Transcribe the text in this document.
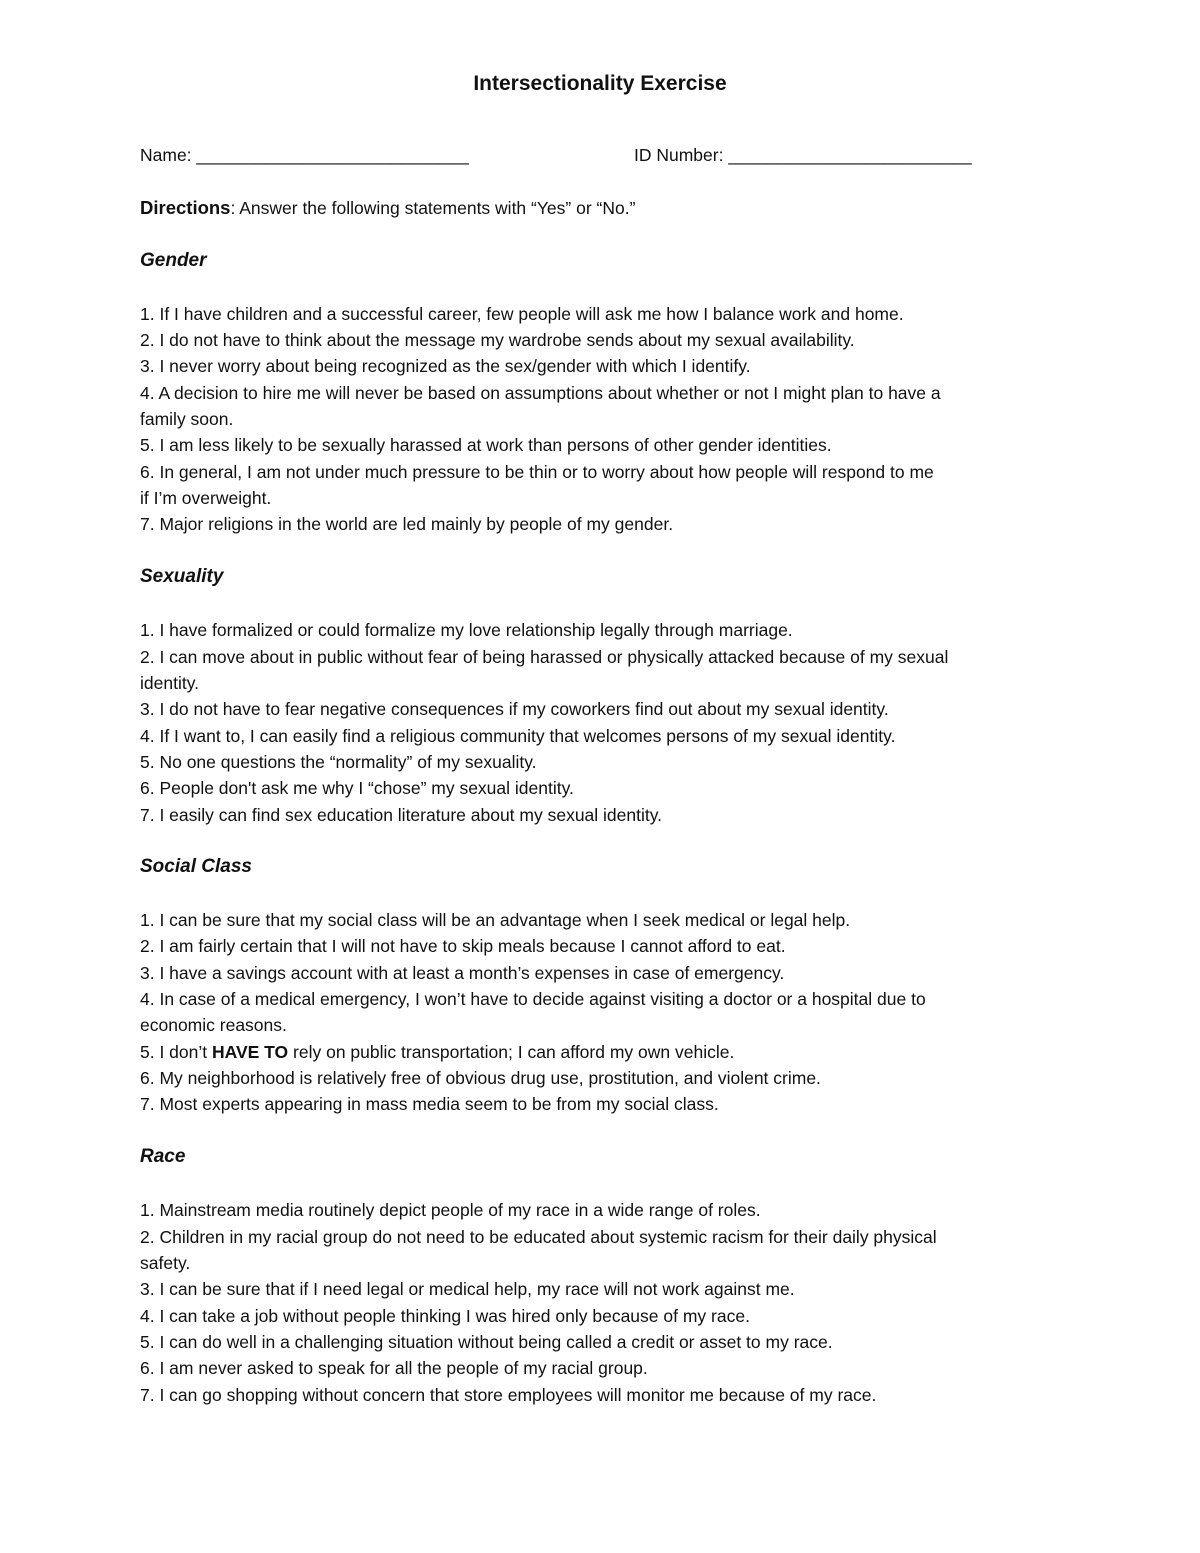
Intersectionality Exercise
Name: ____________________________	ID Number: _________________________
Directions: Answer the following statements with “Yes” or “No.”
Gender
1. If I have children and a successful career, few people will ask me how I balance work and home.
2. I do not have to think about the message my wardrobe sends about my sexual availability.
3. I never worry about being recognized as the sex/gender with which I identify.
4. A decision to hire me will never be based on assumptions about whether or not I might plan to have a
family soon.
5. I am less likely to be sexually harassed at work than persons of other gender identities.
6. In general, I am not under much pressure to be thin or to worry about how people will respond to me
if I’m overweight.
7. Major religions in the world are led mainly by people of my gender.
Sexuality
1. I have formalized or could formalize my love relationship legally through marriage.
2. I can move about in public without fear of being harassed or physically attacked because of my sexual
identity.
3. I do not have to fear negative consequences if my coworkers find out about my sexual identity.
4. If I want to, I can easily find a religious community that welcomes persons of my sexual identity.
5. No one questions the “normality” of my sexuality.
6. People don't ask me why I “chose” my sexual identity.
7. I easily can find sex education literature about my sexual identity.
Social Class
1. I can be sure that my social class will be an advantage when I seek medical or legal help.
2. I am fairly certain that I will not have to skip meals because I cannot afford to eat.
3. I have a savings account with at least a month’s expenses in case of emergency.
4. In case of a medical emergency, I won’t have to decide against visiting a doctor or a hospital due to
economic reasons.
5. I don’t HAVE TO rely on public transportation; I can afford my own vehicle.
6. My neighborhood is relatively free of obvious drug use, prostitution, and violent crime.
7. Most experts appearing in mass media seem to be from my social class.
Race
1. Mainstream media routinely depict people of my race in a wide range of roles.
2. Children in my racial group do not need to be educated about systemic racism for their daily physical
safety.
3. I can be sure that if I need legal or medical help, my race will not work against me.
4. I can take a job without people thinking I was hired only because of my race.
5. I can do well in a challenging situation without being called a credit or asset to my race.
6. I am never asked to speak for all the people of my racial group.
7. I can go shopping without concern that store employees will monitor me because of my race.
